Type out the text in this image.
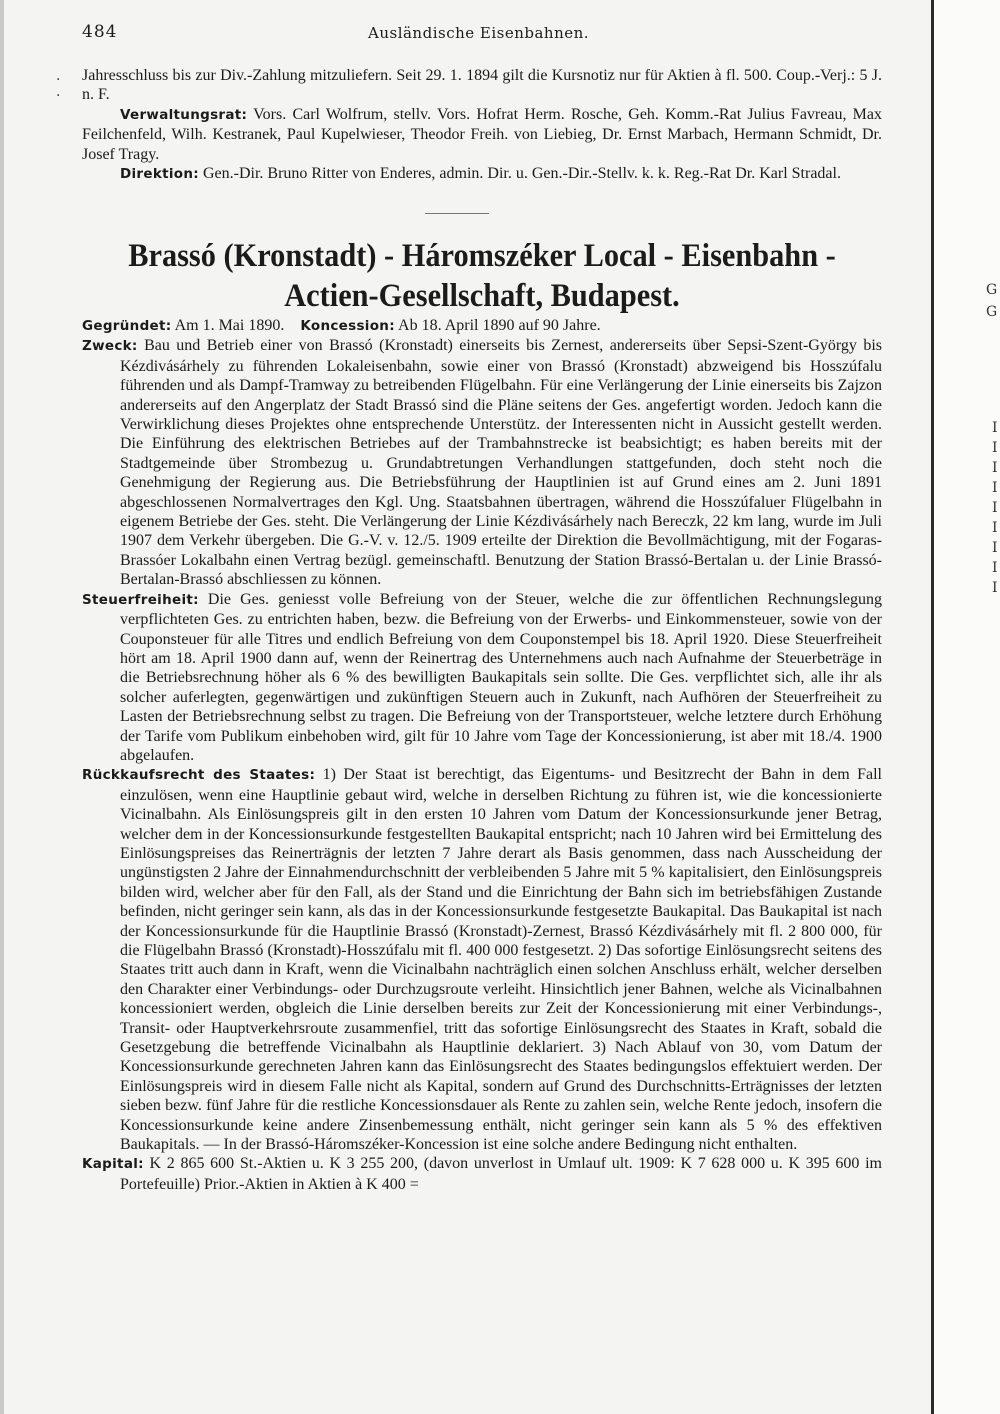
.
.
484	Ausländische Eisenbahnen.

Jahresschluss bis zur Div.-Zahlung mitzuliefern. Seit 29. 1. 1894 gilt die Kursnotiz nur für Aktien à fl. 500. Coup.-Verj.: 5 J. n. F.

Verwaltungsrat: Vors. Carl Wolfrum, stellv. Vors. Hofrat Herm. Rosche, Geh. Komm.-Rat Julius Favreau, Max Feilchenfeld, Wilh. Kestranek, Paul Kupelwieser, Theodor Freih. von Liebieg, Dr. Ernst Marbach, Hermann Schmidt, Dr. Josef Tragy.

Direktion: Gen.-Dir. Bruno Ritter von Enderes, admin. Dir. u. Gen.-Dir.-Stellv. k. k. Reg.-Rat Dr. Karl Stradal.

Brassó (Kronstadt) - Háromszéker Local - Eisenbahn -
Actien-Gesellschaft, Budapest.

Gegründet: Am 1. Mai 1890. Koncession: Ab 18. April 1890 auf 90 Jahre.

Zweck: Bau und Betrieb einer von Brassó (Kronstadt) einerseits bis Zernest, andererseits über Sepsi-Szent-György bis Kézdivásárhely zu führenden Lokaleisenbahn, sowie einer von Brassó (Kronstadt) abzweigend bis Hosszúfalu führenden und als Dampf-Tramway zu betreibenden Flügelbahn. Für eine Verlängerung der Linie einerseits bis Zajzon andererseits auf den Angerplatz der Stadt Brassó sind die Pläne seitens der Ges. angefertigt worden. Jedoch kann die Verwirklichung dieses Projektes ohne entsprechende Unterstütz. der Interessenten nicht in Aussicht gestellt werden. Die Einführung des elektrischen Betriebes auf der Trambahnstrecke ist beabsichtigt; es haben bereits mit der Stadtgemeinde über Strombezug u. Grundabtretungen Verhandlungen stattgefunden, doch steht noch die Genehmigung der Regierung aus. Die Betriebsführung der Hauptlinien ist auf Grund eines am 2. Juni 1891 abgeschlossenen Normalvertrages den Kgl. Ung. Staatsbahnen übertragen, während die Hosszúfaluer Flügelbahn in eigenem Betriebe der Ges. steht. Die Verlängerung der Linie Kézdivásárhely nach Bereczk, 22 km lang, wurde im Juli 1907 dem Verkehr übergeben. Die G.-V. v. 12./5. 1909 erteilte der Direktion die Bevollmächtigung, mit der Fogaras-Brassóer Lokalbahn einen Vertrag bezügl. gemeinschaftl. Benutzung der Station Brassó-Bertalan u. der Linie Brassó-Bertalan-Brassó abschliessen zu können.

Steuerfreiheit: Die Ges. geniesst volle Befreiung von der Steuer, welche die zur öffentlichen Rechnungslegung verpflichteten Ges. zu entrichten haben, bezw. die Befreiung von der Erwerbs- und Einkommensteuer, sowie von der Couponsteuer für alle Titres und endlich Befreiung von dem Couponstempel bis 18. April 1920. Diese Steuerfreiheit hört am 18. April 1900 dann auf, wenn der Reinertrag des Unternehmens auch nach Aufnahme der Steuerbeträge in die Betriebsrechnung höher als 6 % des bewilligten Baukapitals sein sollte. Die Ges. verpflichtet sich, alle ihr als solcher auferlegten, gegenwärtigen und zukünftigen Steuern auch in Zukunft, nach Aufhören der Steuerfreiheit zu Lasten der Betriebsrechnung selbst zu tragen. Die Befreiung von der Transportsteuer, welche letztere durch Erhöhung der Tarife vom Publikum einbehoben wird, gilt für 10 Jahre vom Tage der Koncessionierung, ist aber mit 18./4. 1900 abgelaufen.

Rückkaufsrecht des Staates: 1) Der Staat ist berechtigt, das Eigentums- und Besitzrecht der Bahn in dem Fall einzulösen, wenn eine Hauptlinie gebaut wird, welche in derselben Richtung zu führen ist, wie die koncessionierte Vicinalbahn. Als Einlösungspreis gilt in den ersten 10 Jahren vom Datum der Koncessionsurkunde jener Betrag, welcher dem in der Koncessionsurkunde festgestellten Baukapital entspricht; nach 10 Jahren wird bei Ermittelung des Einlösungspreises das Reinerträgnis der letzten 7 Jahre derart als Basis genommen, dass nach Ausscheidung der ungünstigsten 2 Jahre der Einnahmendurchschnitt der verbleibenden 5 Jahre mit 5 % kapitalisiert, den Einlösungspreis bilden wird, welcher aber für den Fall, als der Stand und die Einrichtung der Bahn sich im betriebsfähigen Zustande befinden, nicht geringer sein kann, als das in der Koncessionsurkunde festgesetzte Baukapital. Das Baukapital ist nach der Koncessionsurkunde für die Hauptlinie Brassó (Kronstadt)-Zernest, Brassó Kézdivásárhely mit fl. 2 800 000, für die Flügelbahn Brassó (Kronstadt)-Hosszúfalu mit fl. 400 000 festgesetzt. 2) Das sofortige Einlösungsrecht seitens des Staates tritt auch dann in Kraft, wenn die Vicinalbahn nachträglich einen solchen Anschluss erhält, welcher derselben den Charakter einer Verbindungs- oder Durchzugsroute verleiht. Hinsichtlich jener Bahnen, welche als Vicinalbahnen koncessioniert werden, obgleich die Linie derselben bereits zur Zeit der Koncessionierung mit einer Verbindungs-, Transit- oder Hauptverkehrsroute zusammenfiel, tritt das sofortige Einlösungsrecht des Staates in Kraft, sobald die Gesetzgebung die betreffende Vicinalbahn als Hauptlinie deklariert. 3) Nach Ablauf von 30, vom Datum der Koncessionsurkunde gerechneten Jahren kann das Einlösungsrecht des Staates bedingungslos effektuiert werden. Der Einlösungspreis wird in diesem Falle nicht als Kapital, sondern auf Grund des Durchschnitts-Erträgnisses der letzten sieben bezw. fünf Jahre für die restliche Koncessionsdauer als Rente zu zahlen sein, welche Rente jedoch, insofern die Koncessionsurkunde keine andere Zinsenbemessung enthält, nicht geringer sein kann als 5 % des effektiven Baukapitals. — In der Brassó-Háromszéker-Koncession ist eine solche andere Bedingung nicht enthalten.

Kapital: K 2 865 600 St.-Aktien u. K 3 255 200, (davon unverlost in Umlauf ult. 1909: K 7 628 000 u. K 395 600 im Portefeuille) Prior.-Aktien in Aktien à K 400 =

G
G
I
I
I
I
I
I
I
I
I
